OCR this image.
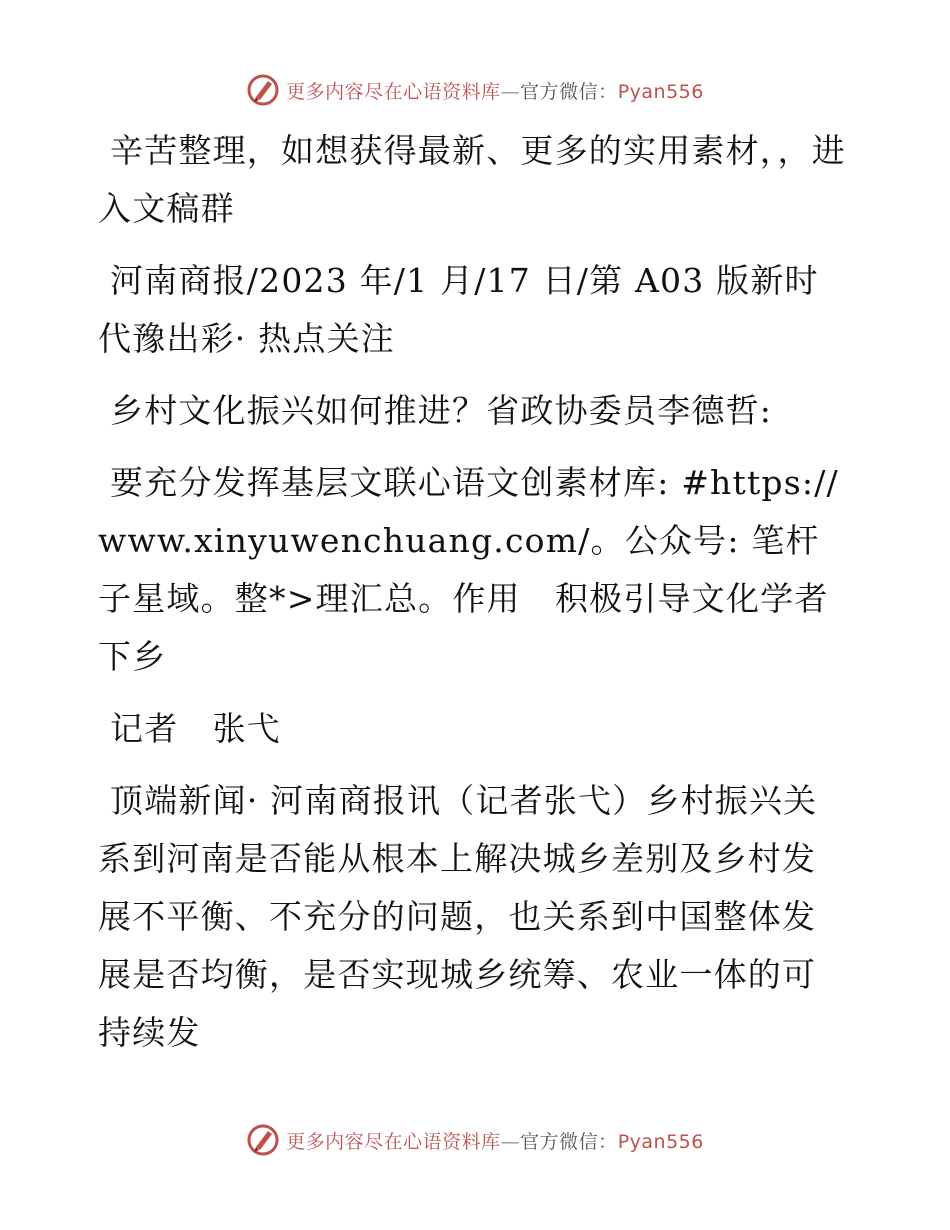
更多内容尽在心语资料库—官方微信：Pyan556

辛苦整理，如想获得最新、更多的实用素材，，进入文稿群

河南商报/2023 年/1 月/17 日/第 A03 版新时代豫出彩· 热点关注

乡村文化振兴如何推进？省政协委员李德哲:

要充分发挥基层文联心语文创素材库: #https://www.xinyuwenchuang.com/。公众号: 笔杆子星域。整*>理汇总。作用　积极引导文化学者下乡

记者　张弋

顶端新闻· 河南商报讯（记者张弋）乡村振兴关系到河南是否能从根本上解决城乡差别及乡村发展不平衡、不充分的问题，也关系到中国整体发展是否均衡，是否实现城乡统筹、农业一体的可持续发

更多内容尽在心语资料库—官方微信：Pyan556
